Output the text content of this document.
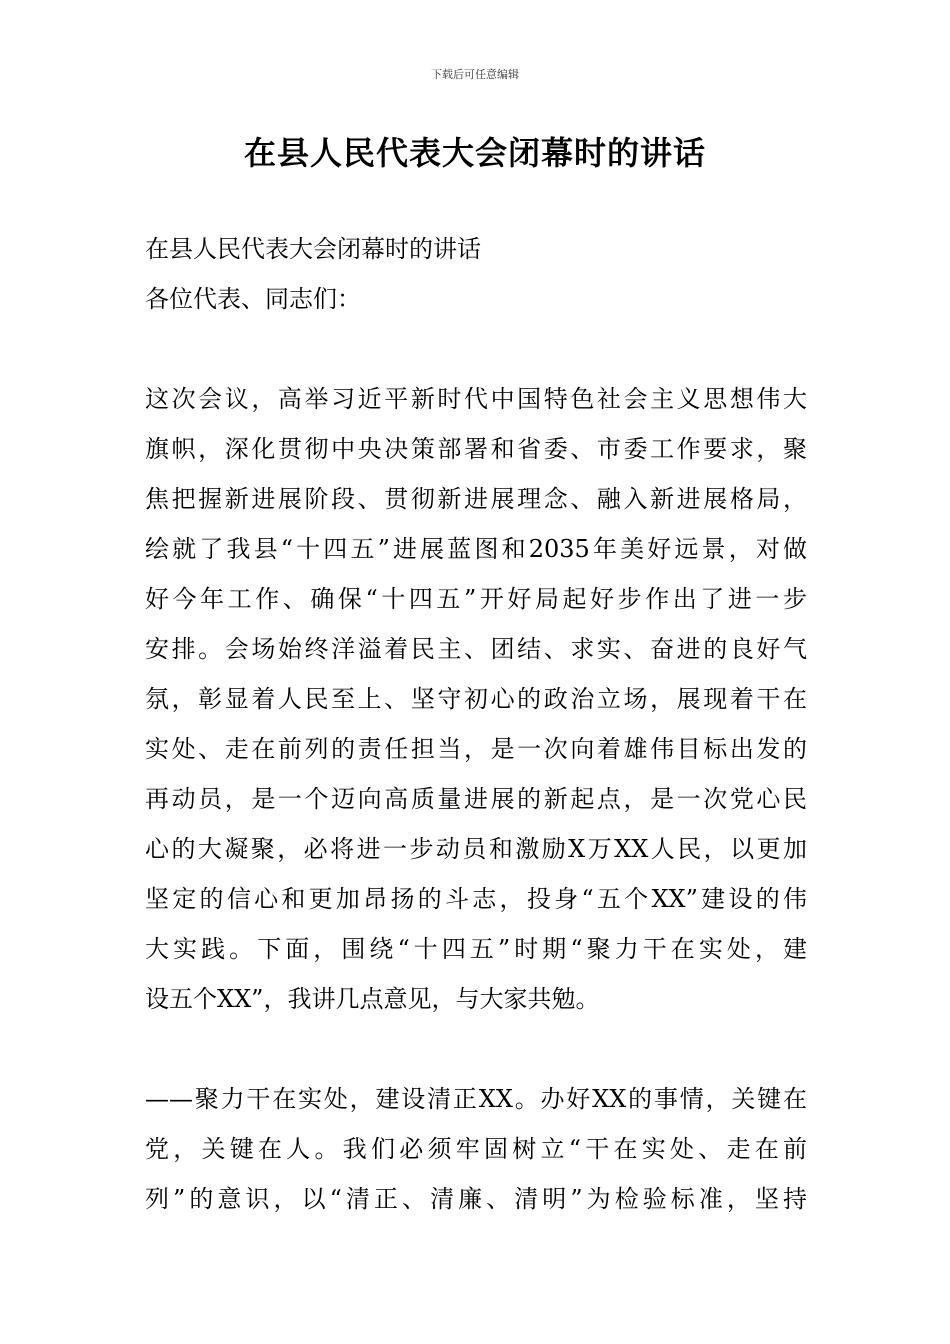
下载后可任意编辑
在县人民代表大会闭幕时的讲话
在县人民代表大会闭幕时的讲话
各位代表、同志们：
这次会议，高举习近平新时代中国特色社会主义思想伟大
旗帜，深化贯彻中央决策部署和省委、市委工作要求，聚
焦把握新进展阶段、贯彻新进展理念、融入新进展格局，
绘就了我县“十四五”进展蓝图和2035年美好远景，对做
好今年工作、确保“十四五”开好局起好步作出了进一步
安排。会场始终洋溢着民主、团结、求实、奋进的良好气
氛，彰显着人民至上、坚守初心的政治立场，展现着干在
实处、走在前列的责任担当，是一次向着雄伟目标出发的
再动员，是一个迈向高质量进展的新起点，是一次党心民
心的大凝聚，必将进一步动员和激励X万XX人民，以更加
坚定的信心和更加昂扬的斗志，投身“五个XX”建设的伟
大实践。下面，围绕“十四五”时期“聚力干在实处，建
设五个XX”，我讲几点意见，与大家共勉。
——聚力干在实处，建设清正XX。办好XX的事情，关键在
党，关键在人。我们必须牢固树立“干在实处、走在前
列”的意识，以“清正、清廉、清明”为检验标准，坚持
